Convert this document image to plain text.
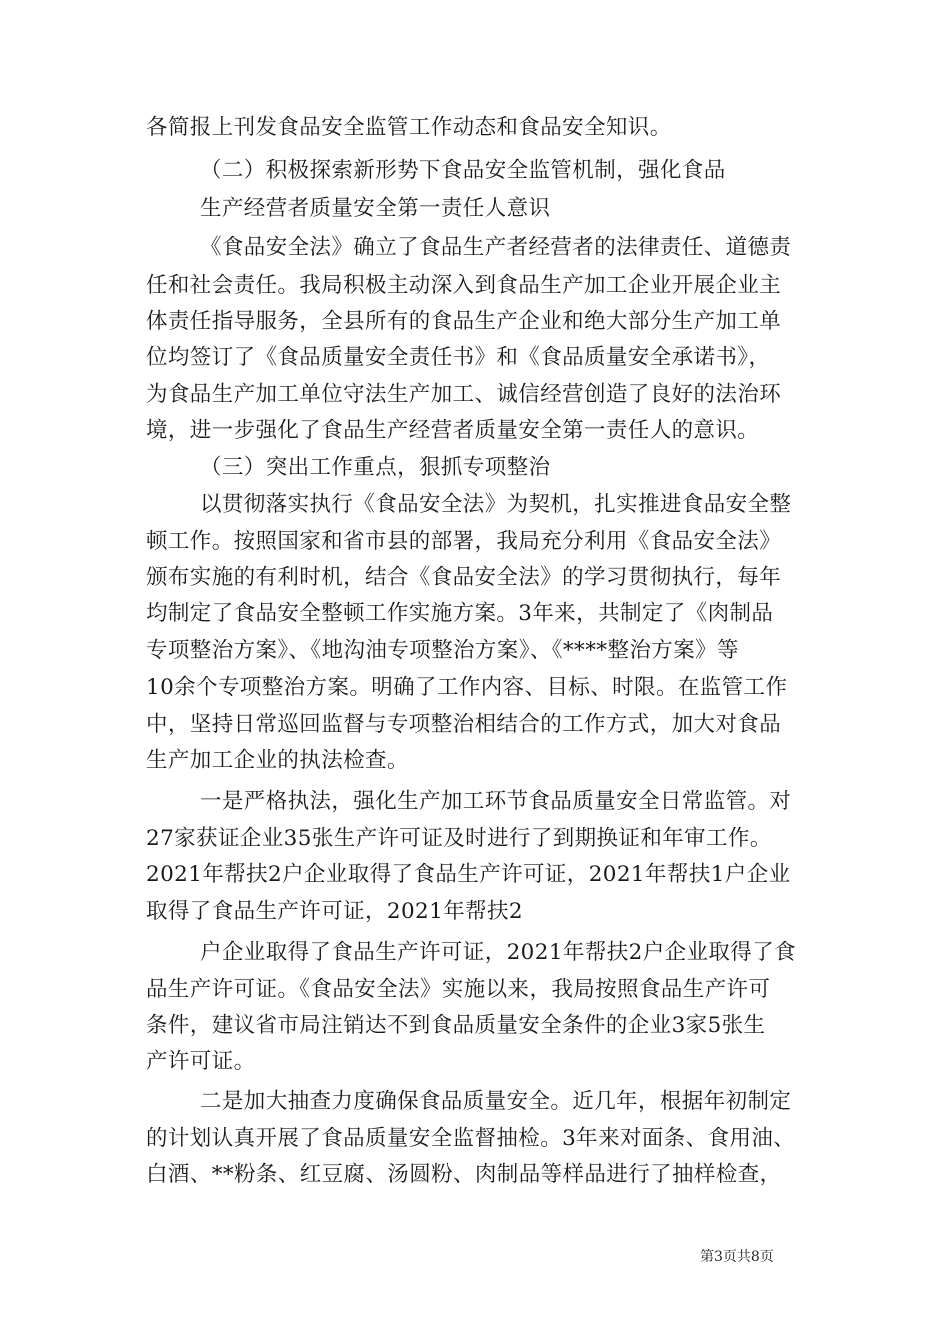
各简报上刊发食品安全监管工作动态和食品安全知识。

（二）积极探索新形势下食品安全监管机制，强化食品

生产经营者质量安全第一责任人意识

《食品安全法》确立了食品生产者经营者的法律责任、道德责

任和社会责任。我局积极主动深入到食品生产加工企业开展企业主

体责任指导服务，全县所有的食品生产企业和绝大部分生产加工单

位均签订了《食品质量安全责任书》和《食品质量安全承诺书》，

为食品生产加工单位守法生产加工、诚信经营创造了良好的法治环

境，进一步强化了食品生产经营者质量安全第一责任人的意识。

（三）突出工作重点，狠抓专项整治

以贯彻落实执行《食品安全法》为契机，扎实推进食品安全整

顿工作。按照国家和省市县的部署，我局充分利用《食品安全法》

颁布实施的有利时机，结合《食品安全法》的学习贯彻执行，每年

均制定了食品安全整顿工作实施方案。3年来，共制定了《肉制品

专项整治方案》、《地沟油专项整治方案》、《****整治方案》等

10余个专项整治方案。明确了工作内容、目标、时限。在监管工作

中，坚持日常巡回监督与专项整治相结合的工作方式，加大对食品

生产加工企业的执法检查。

一是严格执法，强化生产加工环节食品质量安全日常监管。对

27家获证企业35张生产许可证及时进行了到期换证和年审工作。

2021年帮扶2户企业取得了食品生产许可证，2021年帮扶1户企业

取得了食品生产许可证，2021年帮扶2

户企业取得了食品生产许可证，2021年帮扶2户企业取得了食

品生产许可证。《食品安全法》实施以来，我局按照食品生产许可

条件，建议省市局注销达不到食品质量安全条件的企业3家5张生

产许可证。

二是加大抽查力度确保食品质量安全。近几年，根据年初制定

的计划认真开展了食品质量安全监督抽检。3年来对面条、食用油、

白酒、**粉条、红豆腐、汤圆粉、肉制品等样品进行了抽样检查，

第3页共8页
